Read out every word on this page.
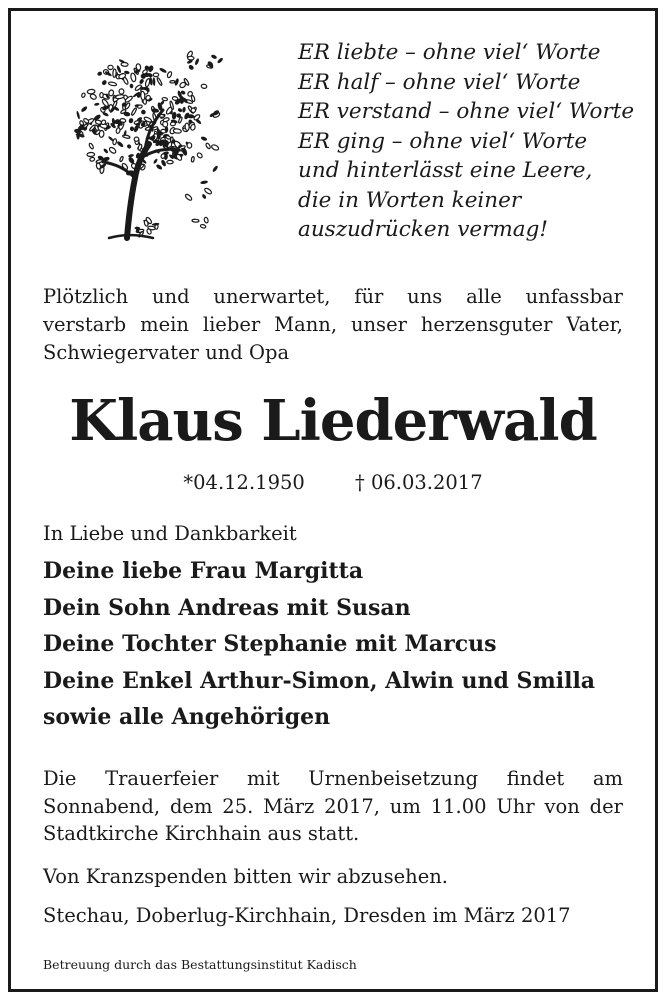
ER liebte – ohne viel‘ Worte
ER half – ohne viel‘ Worte
ER verstand – ohne viel‘ Worte
ER ging – ohne viel‘ Worte
und hinterlässt eine Leere,
die in Worten keiner
auszudrücken vermag!
Plötzlich und unerwartet, für uns alle unfassbar
verstarb mein lieber Mann, unser herzensguter Vater,
Schwiegervater und Opa
Klaus Liederwald
*04.12.1950	† 06.03.2017
In Liebe und Dankbarkeit
Deine liebe Frau Margitta
Dein Sohn Andreas mit Susan
Deine Tochter Stephanie mit Marcus
Deine Enkel Arthur-Simon, Alwin und Smilla
sowie alle Angehörigen
Die Trauerfeier mit Urnenbeisetzung findet am
Sonnabend, dem 25. März 2017, um 11.00 Uhr von der
Stadtkirche Kirchhain aus statt.
Von Kranzspenden bitten wir abzusehen.
Stechau, Doberlug-Kirchhain, Dresden im März 2017
Betreuung durch das Bestattungsinstitut Kadisch
